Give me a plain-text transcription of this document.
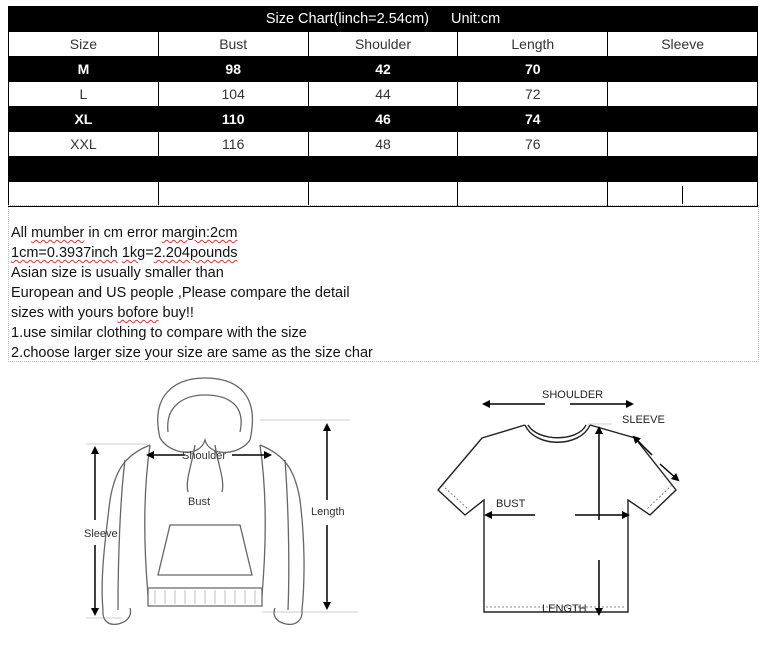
Size Chart(linch=2.54cm) Unit:cm				
Size	Bust	Shoulder	Length	Sleeve
M	98	42	70	
L	104	44	72	
XL	110	46	74	
XXL	116	48	76	

All mumber in cm error margin:2cm
1cm=0.3937inch 1kg=2.204pounds
Asian size is usually smaller than
European and US people ,Please compare the detail
sizes with yours bofore buy!!
1.use similar clothing to compare with the size
2.choose larger size your size are same as the size char
Shoulder
Bust
Length
Sleeve
SHOULDER
SLEEVE
BUST
LENGTH
